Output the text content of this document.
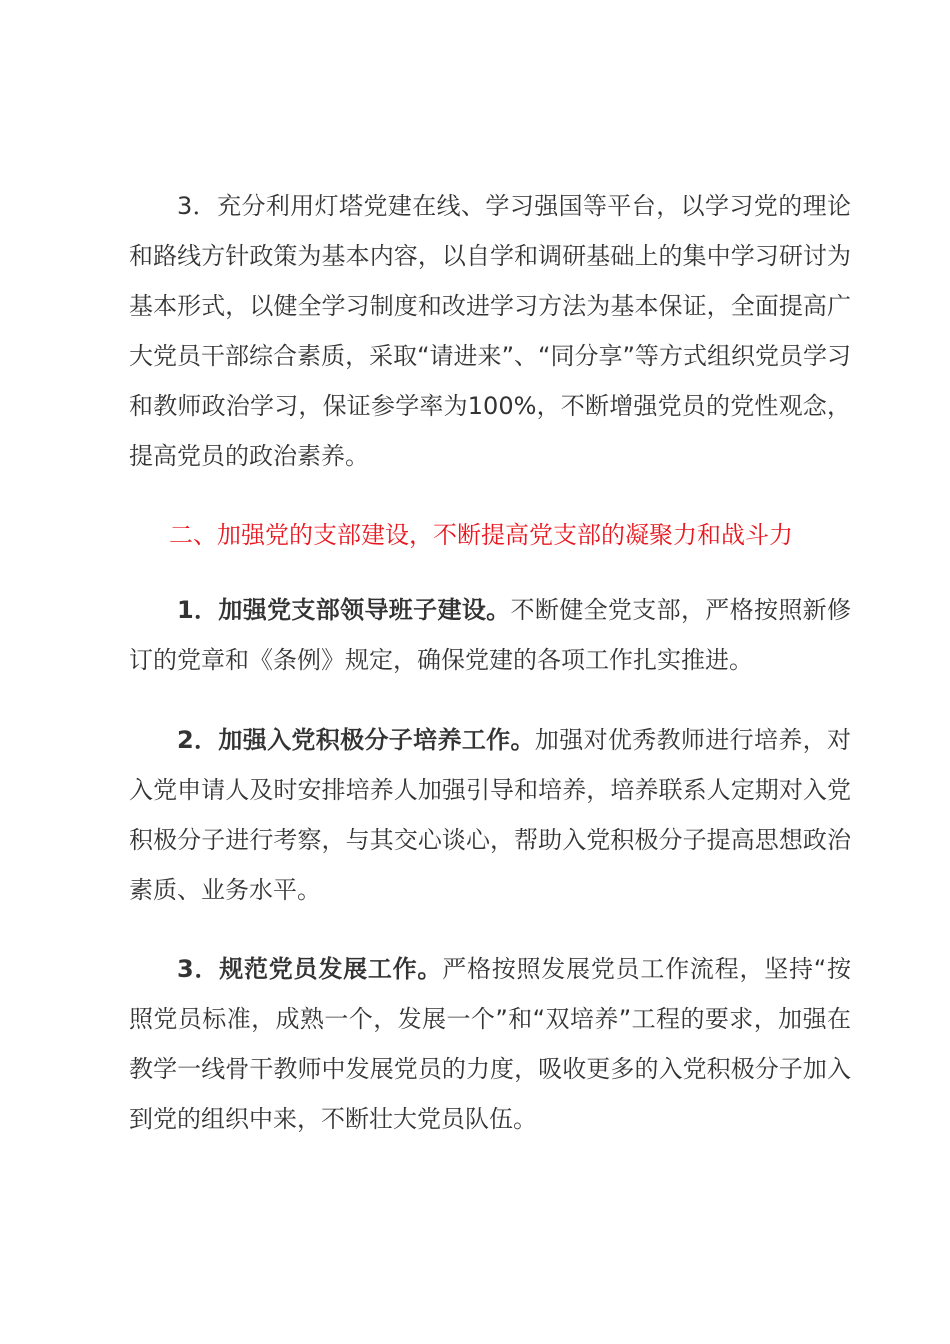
3．充分利用灯塔党建在线、学习强国等平台，以学习党的理论和路线方针政策为基本内容，以自学和调研基础上的集中学习研讨为基本形式，以健全学习制度和改进学习方法为基本保证，全面提高广大党员干部综合素质，采取“请进来”、“同分享”等方式组织党员学习和教师政治学习，保证参学率为100%，不断增强党员的党性观念，提高党员的政治素养。

二、加强党的支部建设，不断提高党支部的凝聚力和战斗力

1．加强党支部领导班子建设。不断健全党支部，严格按照新修订的党章和《条例》规定，确保党建的各项工作扎实推进。

2．加强入党积极分子培养工作。加强对优秀教师进行培养，对入党申请人及时安排培养人加强引导和培养，培养联系人定期对入党积极分子进行考察，与其交心谈心，帮助入党积极分子提高思想政治素质、业务水平。

3．规范党员发展工作。严格按照发展党员工作流程，坚持“按照党员标准，成熟一个，发展一个”和“双培养”工程的要求，加强在教学一线骨干教师中发展党员的力度，吸收更多的入党积极分子加入到党的组织中来，不断壮大党员队伍。
